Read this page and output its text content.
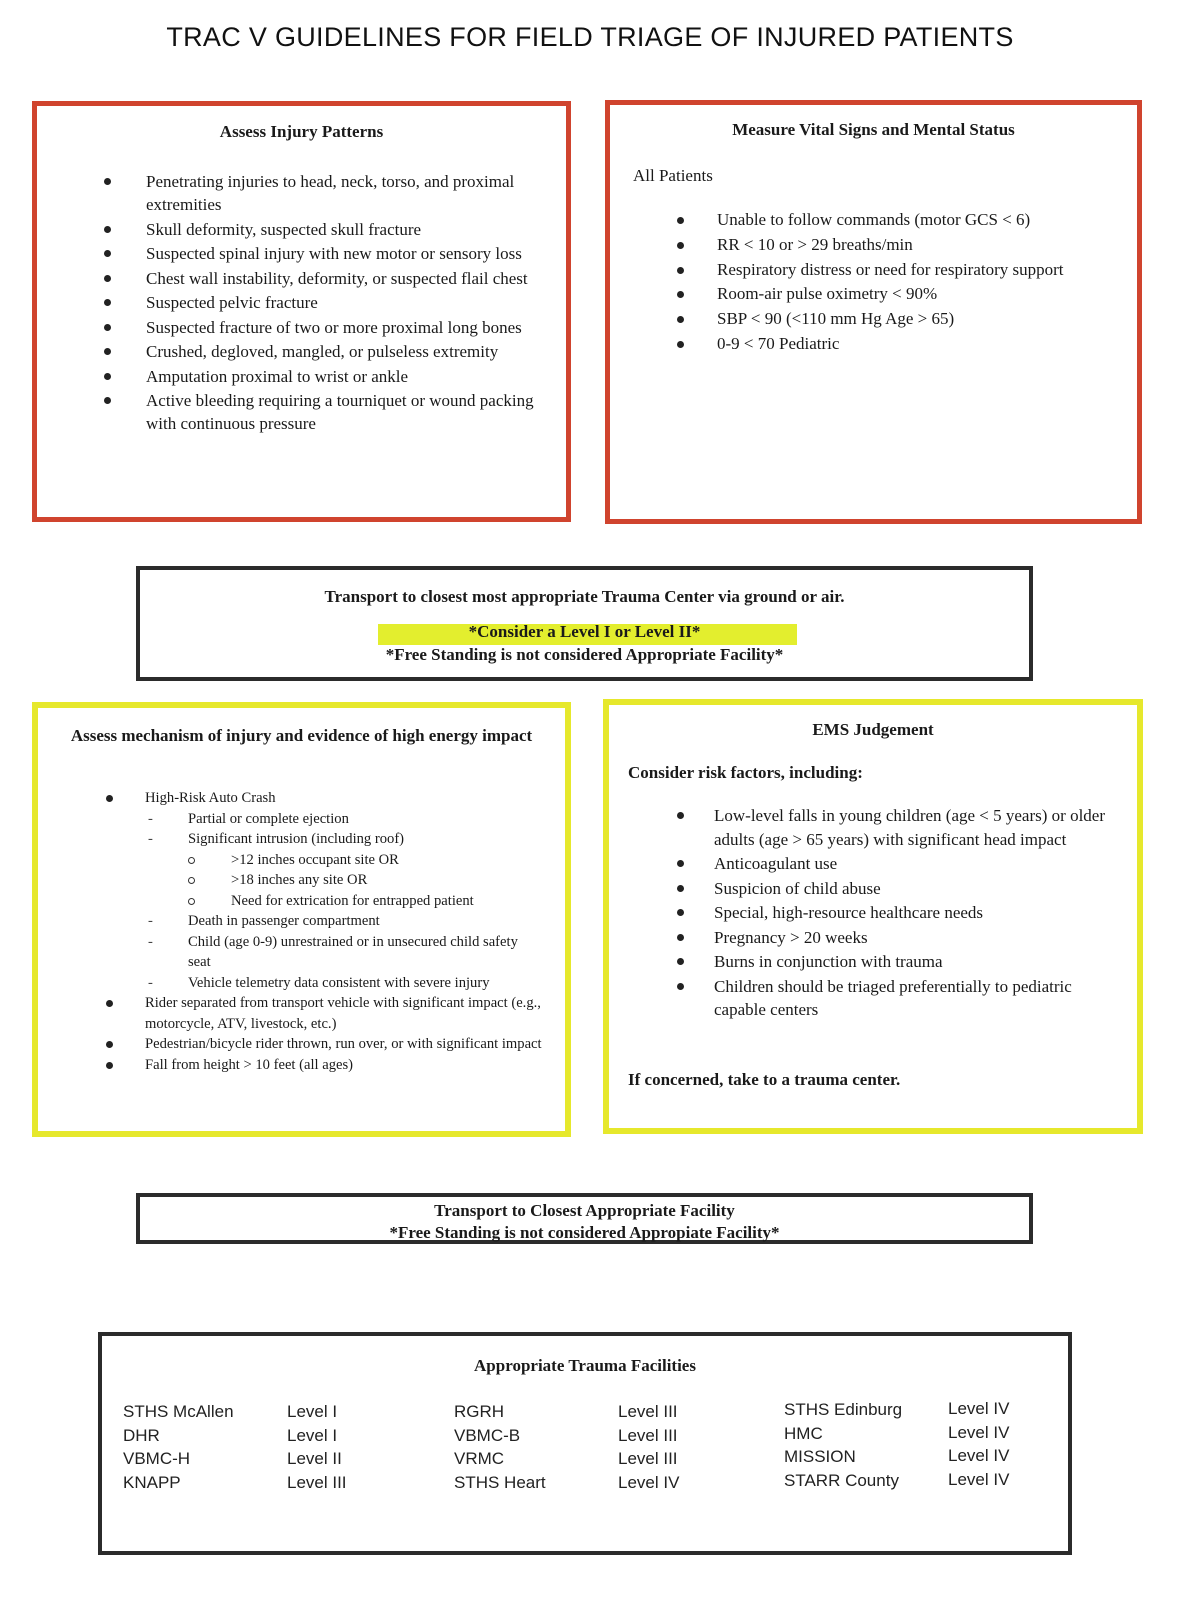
TRAC V GUIDELINES FOR FIELD TRIAGE OF INJURED PATIENTS
Assess Injury Patterns
Penetrating injuries to head, neck, torso, and proximal extremities
Skull deformity, suspected skull fracture
Suspected spinal injury with new motor or sensory loss
Chest wall instability, deformity, or suspected flail chest
Suspected pelvic fracture
Suspected fracture of two or more proximal long bones
Crushed, degloved, mangled, or pulseless extremity
Amputation proximal to wrist or ankle
Active bleeding requiring a tourniquet or wound packing with continuous pressure
Measure Vital Signs and Mental Status
All Patients
Unable to follow commands (motor GCS < 6)
RR < 10 or > 29 breaths/min
Respiratory distress or need for respiratory support
Room-air pulse oximetry < 90%
SBP < 90 (<110 mm Hg Age > 65)
0-9 < 70 Pediatric
Transport to closest most appropriate Trauma Center via ground or air.
*Consider a Level I or Level II*
*Free Standing is not considered Appropriate Facility*
Assess mechanism of injury and evidence of high energy impact
High-Risk Auto Crash
- Partial or complete ejection
- Significant intrusion (including roof)
>12 inches occupant site OR
>18 inches any site OR
Need for extrication for entrapped patient
- Death in passenger compartment
- Child (age 0-9) unrestrained or in unsecured child safety seat
- Vehicle telemetry data consistent with severe injury
Rider separated from transport vehicle with significant impact (e.g., motorcycle, ATV, livestock, etc.)
Pedestrian/bicycle rider thrown, run over, or with significant impact
Fall from height > 10 feet (all ages)
EMS Judgement
Consider risk factors, including:
Low-level falls in young children (age < 5 years) or older adults (age > 65 years) with significant head impact
Anticoagulant use
Suspicion of child abuse
Special, high-resource healthcare needs
Pregnancy > 20 weeks
Burns in conjunction with trauma
Children should be triaged preferentially to pediatric capable centers
If concerned, take to a trauma center.
Transport to Closest Appropriate Facility
*Free Standing is not considered Appropiate Facility*
Appropriate Trauma Facilities
STHS McAllen
DHR
VBMC-H
KNAPP
Level I
Level I
Level II
Level III
RGRH
VBMC-B
VRMC
STHS Heart
Level III
Level III
Level III
Level IV
STHS Edinburg
HMC
MISSION
STARR County
Level IV
Level IV
Level IV
Level IV
